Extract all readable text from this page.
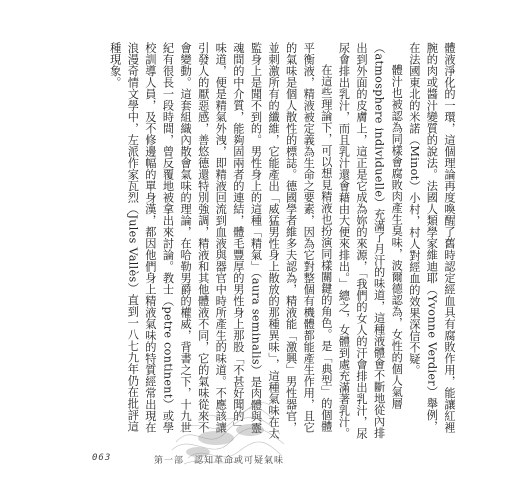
體液淨化的一環，這個理論再度喚醒了舊時認定經血具有腐敗作用，能讓紅裡腕的肉或醬汁變質的說法。法國人類學家維迪耶（Yvonne Verdier）舉例，在法國東北的米諾（Minot）小村，村人對經血的效果深信不疑。

體汁也被認為同樣會腐敗肉產生臭味，波爾德認為，女性的個人氣層（atmosphere individuelle）充滿了月汗的味道，這種液體會不斷地從內排出到外面的皮膚上，這正是它成為妳的來源，「我們的女人的汗會排出乳汁，尿尿會排出乳汁，而且乳汁還會藉由大便來排出。」總之，女體到處充滿著乳汁。

在這些理論下，可以想見精液也扮演同樣關鍵的角色。是「典型」的個體平衡液，精液被定義為生命之要素，因為它對整個有機體都能產生作用，且它的氣味是個人散性的標誌。德國學者維多夫認為，精液能「激興」男性器官，並刺激所有的纖維，它能產出「威猛男性身上散放的那種異味」，這種氣味在太監身上是聞不到的。男性身上的這種「精氣」（aura seminalis）是肉體與靈魂間的中介質，能夠固兩者的連結，體毛豐厚的男性身上那股「不甚好聞的」味道，便是精氣外洩，即精液回流到血液與器官中時所產生的味道。不應該讓引發人的厭惡感，善悠德還特別強調，精液和其他體液不同，它的氣味從來不會變動。這套組織內散會氣味的理論，在哈勒男爵的權威，背書之下，十九世紀有很長一段時間，曾反覆地被拿出來討論。教士（petre continent）或學校訓導人員，及不修邊幅的單身漢，都因他們身上精液氣味的特質經常出現在浪漫奇情文學中，左派作家瓦烈（Jules Vallès）直到一八七九年仍在批評這種現象。

063	第一部　認知革命或可疑氣味
